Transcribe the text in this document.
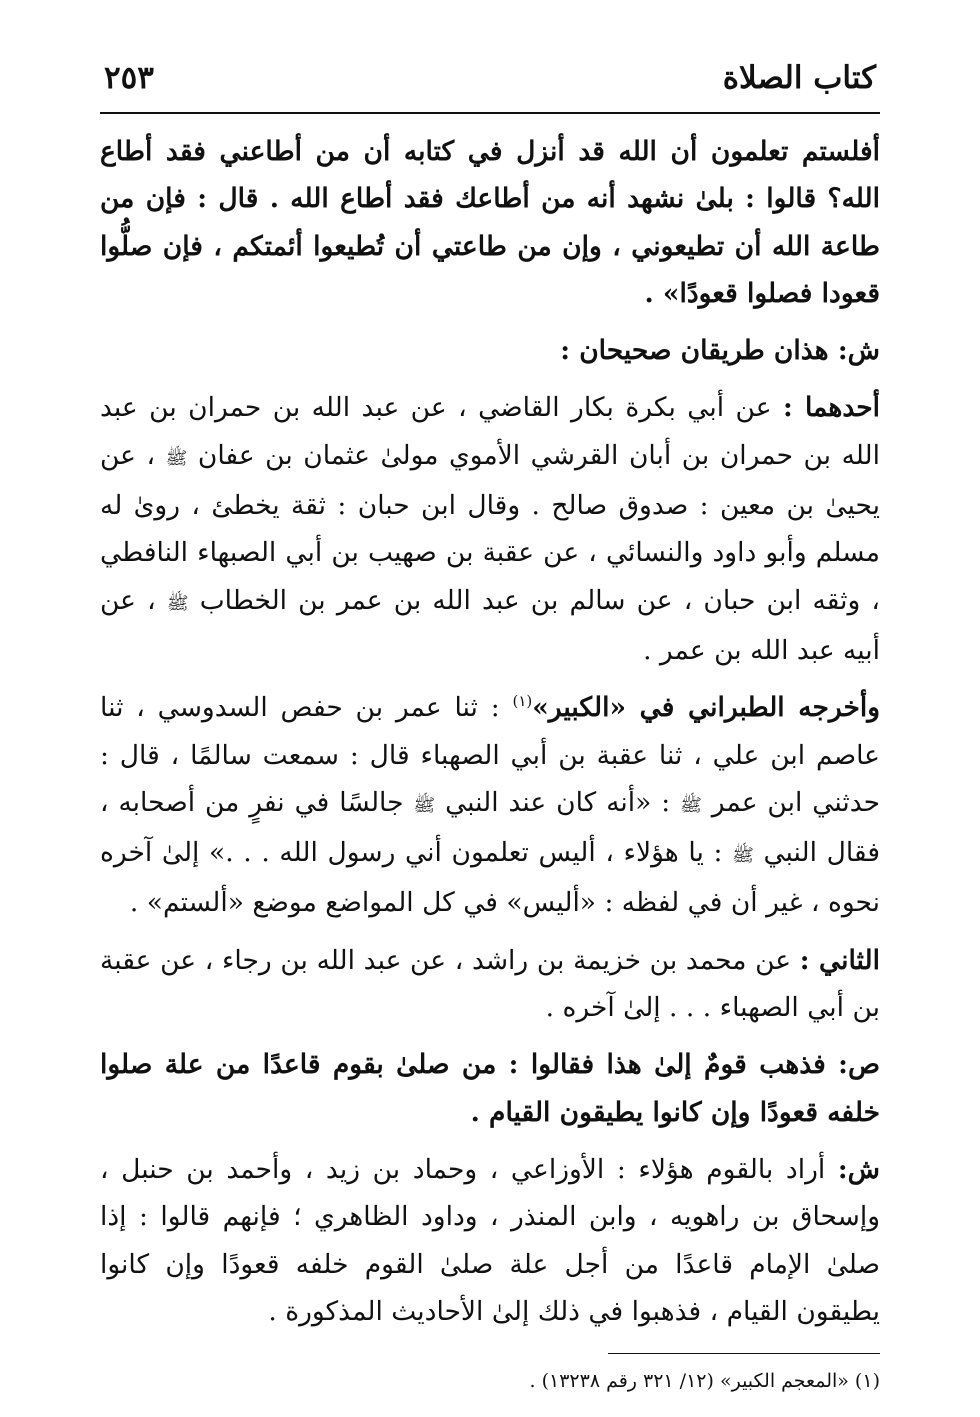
كتاب الصلاة
٢٥٣

أفلستم تعلمون أن الله قد أنزل في كتابه أن من أطاعني فقد أطاع الله؟ قالوا : بلىٰ نشهد أنه من أطاعك فقد أطاع الله . قال : فإن من طاعة الله أن تطيعوني ، وإن من طاعتي أن تُطيعوا أئمتكم ، فإن صلُّوا قعودا فصلوا قعودًا» .

ش: هذان طريقان صحيحان :

أحدهما : عن أبي بكرة بكار القاضي ، عن عبد الله بن حمران بن عبد الله بن حمران بن أبان القرشي الأموي مولىٰ عثمان بن عفان ﷺ ، عن يحيىٰ بن معين : صدوق صالح . وقال ابن حبان : ثقة يخطئ ، روىٰ له مسلم وأبو داود والنسائي ، عن عقبة بن صهيب بن أبي الصبهاء النافطي ، وثقه ابن حبان ، عن سالم بن عبد الله بن عمر بن الخطاب ﷺ ، عن أبيه عبد الله بن عمر .

وأخرجه الطبراني في «الكبير»$^{(١)}$ : ثنا عمر بن حفص السدوسي ، ثنا عاصم ابن علي ، ثنا عقبة بن أبي الصهباء قال : سمعت سالمًا ، قال : حدثني ابن عمر ﷺ : «أنه كان عند النبي ﷺ جالسًا في نفرٍ من أصحابه ، فقال النبي ﷺ : يا هؤلاء ، أليس تعلمون أني رسول الله . . .» إلىٰ آخره نحوه ، غير أن في لفظه : «أليس» في كل المواضع موضع «ألستم» .

الثاني : عن محمد بن خزيمة بن راشد ، عن عبد الله بن رجاء ، عن عقبة بن أبي الصهباء . . . إلىٰ آخره .

ص: فذهب قومٌ إلىٰ هذا فقالوا : من صلىٰ بقوم قاعدًا من علة صلوا خلفه قعودًا وإن كانوا يطيقون القيام .

ش: أراد بالقوم هؤلاء : الأوزاعي ، وحماد بن زيد ، وأحمد بن حنبل ، وإسحاق بن راهويه ، وابن المنذر ، وداود الظاهري ؛ فإنهم قالوا : إذا صلىٰ الإمام قاعدًا من أجل علة صلىٰ القوم خلفه قعودًا وإن كانوا يطيقون القيام ، فذهبوا في ذلك إلىٰ الأحاديث المذكورة .

(١) «المعجم الكبير» (١٢/ ٣٢١ رقم ١٣٢٣٨) .
